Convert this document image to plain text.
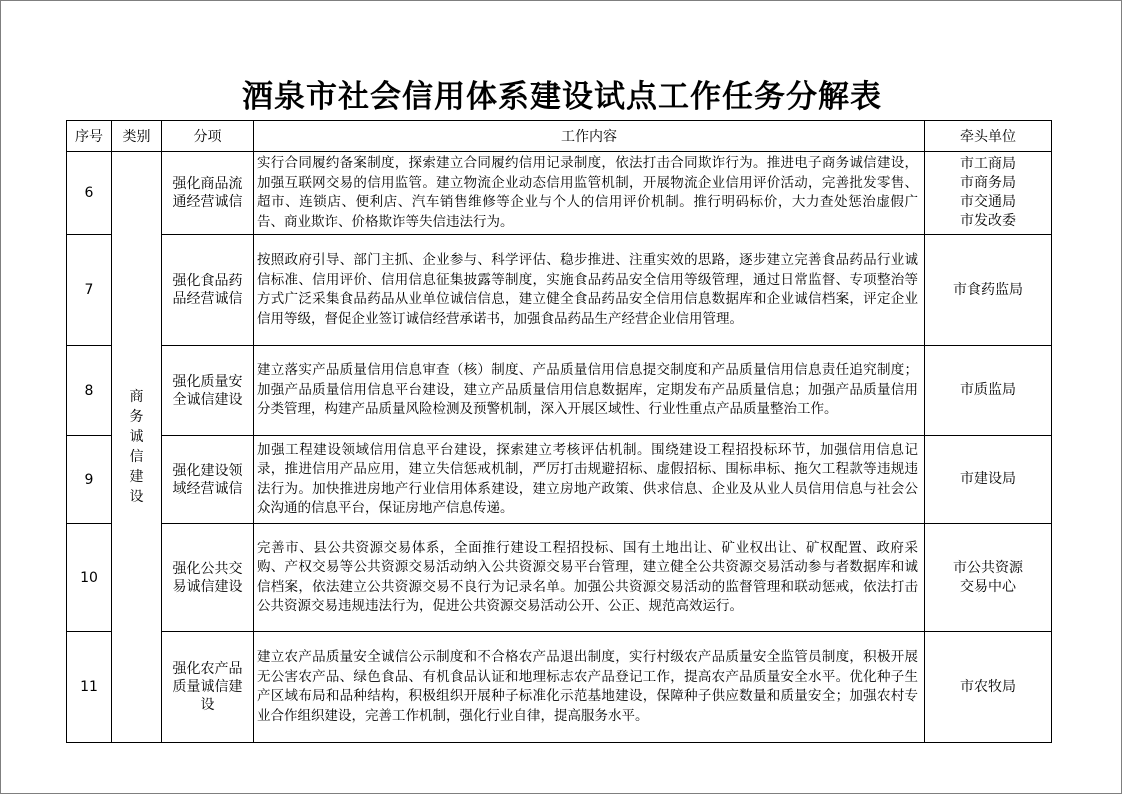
酒泉市社会信用体系建设试点工作任务分解表
序号	类别	分项	工作内容	牵头单位
6	商务诚信建设	强化商品流通经营诚信	实行合同履约备案制度，探索建立合同履约信用记录制度，依法打击合同欺诈行为。推进电子商务诚信建设，加强互联网交易的信用监管。建立物流企业动态信用监管机制，开展物流企业信用评价活动，完善批发零售、超市、连锁店、便利店、汽车销售维修等企业与个人的信用评价机制。推行明码标价，大力查处惩治虚假广告、商业欺诈、价格欺诈等失信违法行为。	市工商局
市商务局
市交通局
市发改委

7		强化食品药品经营诚信	按照政府引导、部门主抓、企业参与、科学评估、稳步推进、注重实效的思路，逐步建立完善食品药品行业诚信标准、信用评价、信用信息征集披露等制度，实施食品药品安全信用等级管理，通过日常监督、专项整治等方式广泛采集食品药品从业单位诚信信息，建立健全食品药品安全信用信息数据库和企业诚信档案，评定企业信用等级，督促企业签订诚信经营承诺书，加强食品药品生产经营企业信用管理。	市食药监局

8		强化质量安全诚信建设	建立落实产品质量信用信息审查（核）制度、产品质量信用信息提交制度和产品质量信用信息责任追究制度；加强产品质量信用信息平台建设，建立产品质量信用信息数据库，定期发布产品质量信息；加强产品质量信用分类管理，构建产品质量风险检测及预警机制，深入开展区域性、行业性重点产品质量整治工作。	市质监局

9		强化建设领域经营诚信	加强工程建设领域信用信息平台建设，探索建立考核评估机制。围绕建设工程招投标环节，加强信用信息记录，推进信用产品应用，建立失信惩戒机制，严厉打击规避招标、虚假招标、围标串标、拖欠工程款等违规违法行为。加快推进房地产行业信用体系建设，建立房地产政策、供求信息、企业及从业人员信用信息与社会公众沟通的信息平台，保证房地产信息传递。	市建设局

10		强化公共交易诚信建设	完善市、县公共资源交易体系，全面推行建设工程招投标、国有土地出让、矿业权出让、矿权配置、政府采购、产权交易等公共资源交易活动纳入公共资源交易平台管理，建立健全公共资源交易活动参与者数据库和诚信档案，依法建立公共资源交易不良行为记录名单。加强公共资源交易活动的监督管理和联动惩戒，依法打击公共资源交易违规违法行为，促进公共资源交易活动公开、公正、规范高效运行。	市公共资源
交易中心

11		强化农产品质量诚信建设	建立农产品质量安全诚信公示制度和不合格农产品退出制度，实行村级农产品质量安全监管员制度，积极开展无公害农产品、绿色食品、有机食品认证和地理标志农产品登记工作，提高农产品质量安全水平。优化种子生产区域布局和品种结构，积极组织开展种子标准化示范基地建设，保障种子供应数量和质量安全；加强农村专业合作组织建设，完善工作机制，强化行业自律，提高服务水平。	市农牧局
